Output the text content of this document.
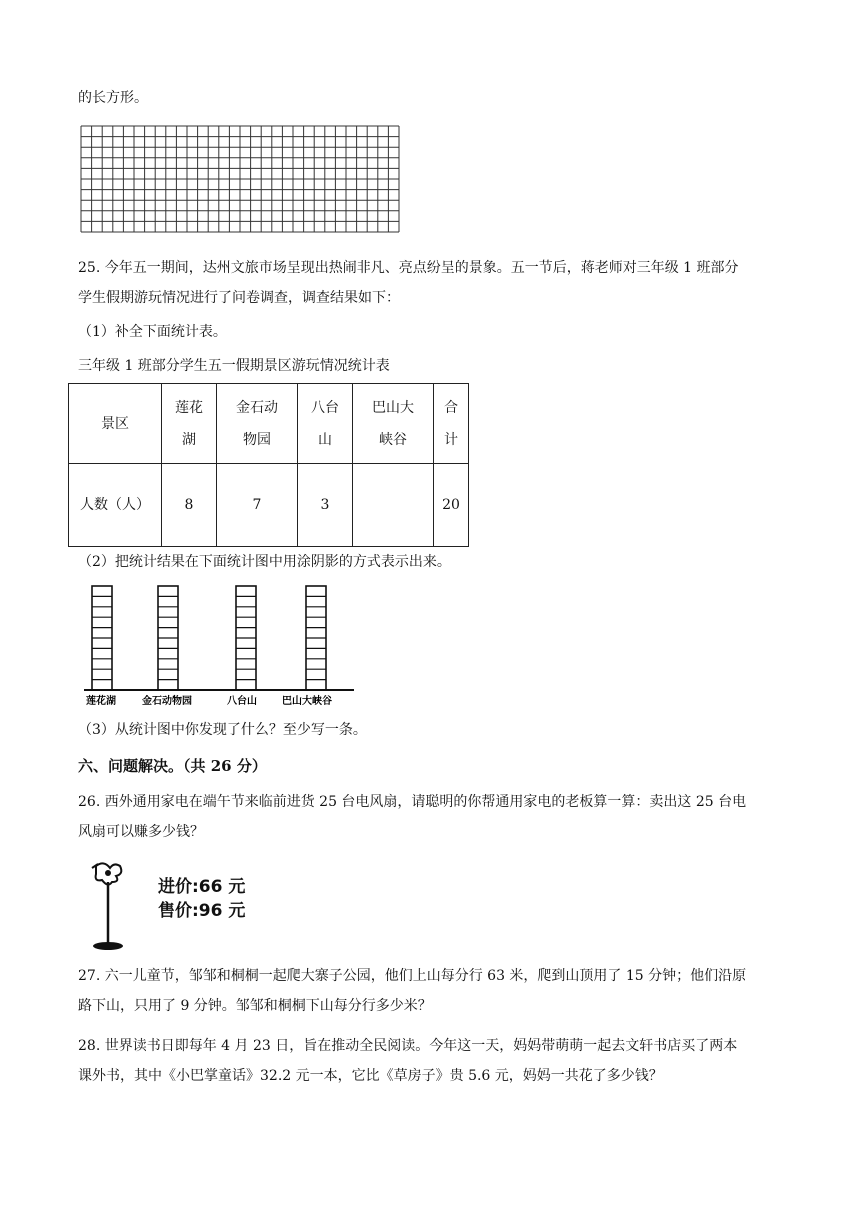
的长方形。
25. 今年五一期间，达州文旅市场呈现出热闹非凡、亮点纷呈的景象。五一节后，蒋老师对三年级 1 班部分
学生假期游玩情况进行了问卷调查，调查结果如下：
（1）补全下面统计表。
三年级 1 班部分学生五一假期景区游玩情况统计表
景区	莲花湖	金石动物园	八台山	巴山大峡谷	合计
人数（人）	8	7	3		20
（2）把统计结果在下面统计图中用涂阴影的方式表示出来。
莲花湖	金石动物园	八台山	巴山大峡谷
（3）从统计图中你发现了什么？至少写一条。
六、问题解决。（共 26 分）
26. 西外通用家电在端午节来临前进货 25 台电风扇，请聪明的你帮通用家电的老板算一算：卖出这 25 台电
风扇可以赚多少钱？
进价:66 元
售价:96 元
27. 六一儿童节，邹邹和桐桐一起爬大寨子公园，他们上山每分行 63 米，爬到山顶用了 15 分钟；他们沿原
路下山，只用了 9 分钟。邹邹和桐桐下山每分行多少米？
28. 世界读书日即每年 4 月 23 日，旨在推动全民阅读。今年这一天，妈妈带萌萌一起去文轩书店买了两本
课外书，其中《小巴掌童话》32.2 元一本，它比《草房子》贵 5.6 元，妈妈一共花了多少钱？
